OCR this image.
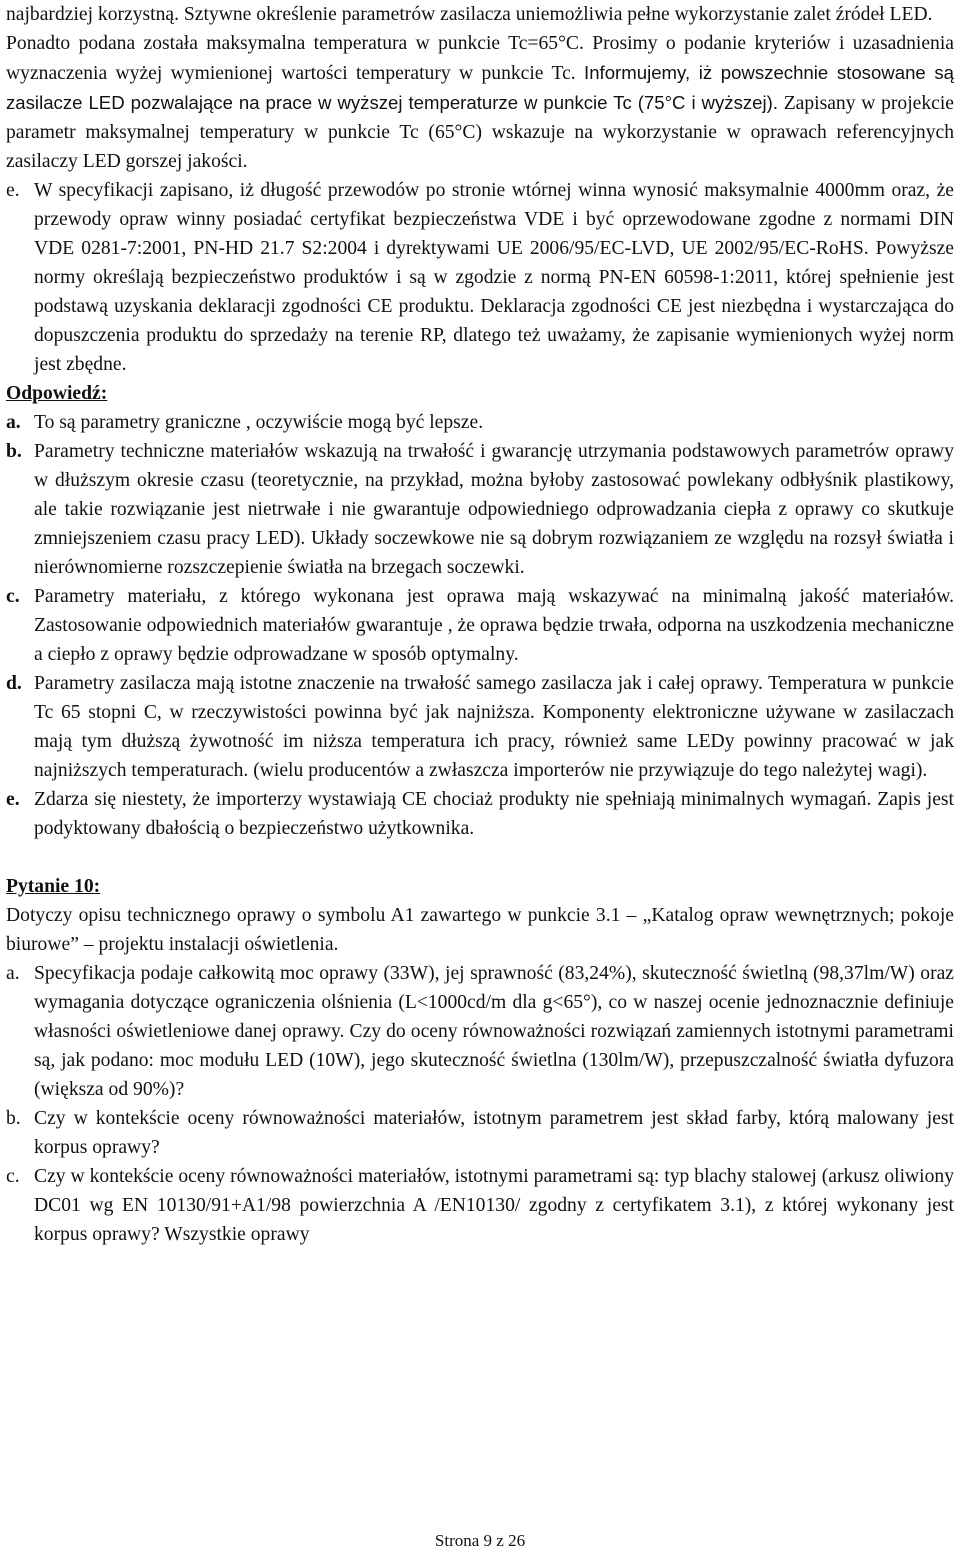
najbardziej korzystną. Sztywne określenie parametrów zasilacza uniemożliwia pełne wykorzystanie zalet źródeł LED.

Ponadto podana została maksymalna temperatura w punkcie Tc=65°C. Prosimy o podanie kryteriów i uzasadnienia wyznaczenia wyżej wymienionej wartości temperatury w punkcie Tc. Informujemy, iż powszechnie stosowane są zasilacze LED pozwalające na prace w wyższej temperaturze w punkcie Tc (75°C i wyższej). Zapisany w projekcie parametr maksymalnej temperatury w punkcie Tc (65°C) wskazuje na wykorzystanie w oprawach referencyjnych zasilaczy LED gorszej jakości.

e. W specyfikacji zapisano, iż długość przewodów po stronie wtórnej winna wynosić maksymalnie 4000mm oraz, że przewody opraw winny posiadać certyfikat bezpieczeństwa VDE i być oprzewodowane zgodne z normami DIN VDE 0281-7:2001, PN-HD 21.7 S2:2004 i dyrektywami UE 2006/95/EC-LVD, UE 2002/95/EC-RoHS. Powyższe normy określają bezpieczeństwo produktów i są w zgodzie z normą PN-EN 60598-1:2011, której spełnienie jest podstawą uzyskania deklaracji zgodności CE produktu. Deklaracja zgodności CE jest niezbędna i wystarczająca do dopuszczenia produktu do sprzedaży na terenie RP, dlatego też uważamy, że zapisanie wymienionych wyżej norm jest zbędne.
Odpowiedź:
a. To są parametry graniczne , oczywiście mogą być lepsze.
b. Parametry techniczne materiałów wskazują na trwałość i gwarancję utrzymania podstawowych parametrów oprawy w dłuższym okresie czasu (teoretycznie, na przykład, można byłoby zastosować powlekany odbłyśnik plastikowy, ale takie rozwiązanie jest nietrwałe i nie gwarantuje odpowiedniego odprowadzania ciepła z oprawy co skutkuje zmniejszeniem czasu pracy LED). Układy soczewkowe nie są dobrym rozwiązaniem ze względu na rozsył światła i nierównomierne rozszczepienie światła na brzegach soczewki.
c. Parametry materiału, z którego wykonana jest oprawa mają wskazywać na minimalną jakość materiałów. Zastosowanie odpowiednich materiałów gwarantuje , że oprawa będzie trwała, odporna na uszkodzenia mechaniczne a ciepło z oprawy będzie odprowadzane w sposób optymalny.
d. Parametry zasilacza mają istotne znaczenie na trwałość samego zasilacza jak i całej oprawy. Temperatura w punkcie Tc 65 stopni C, w rzeczywistości powinna być jak najniższa. Komponenty elektroniczne używane w zasilaczach mają tym dłuższą żywotność im niższa temperatura ich pracy, również same LEDy powinny pracować w jak najniższych temperaturach. (wielu producentów a zwłaszcza importerów nie przywiązuje do tego należytej wagi).
e. Zdarza się niestety, że importerzy wystawiają CE chociaż produkty nie spełniają minimalnych wymagań. Zapis jest podyktowany dbałością o bezpieczeństwo użytkownika.
Pytanie 10:

Dotyczy opisu technicznego oprawy o symbolu A1 zawartego w punkcie 3.1 – „Katalog opraw wewnętrznych; pokoje biurowe” – projektu instalacji oświetlenia.

a. Specyfikacja podaje całkowitą moc oprawy (33W), jej sprawność (83,24%), skuteczność świetlną (98,37lm/W) oraz wymagania dotyczące ograniczenia olśnienia (L<1000cd/m dla g<65°), co w naszej ocenie jednoznacznie definiuje własności oświetleniowe danej oprawy. Czy do oceny równoważności rozwiązań zamiennych istotnymi parametrami są, jak podano: moc modułu LED (10W), jego skuteczność świetlna (130lm/W), przepuszczalność światła dyfuzora (większa od 90%)?
b. Czy w kontekście oceny równoważności materiałów, istotnym parametrem jest skład farby, którą malowany jest korpus oprawy?
c. Czy w kontekście oceny równoważności materiałów, istotnymi parametrami są: typ blachy stalowej (arkusz oliwiony DC01 wg EN 10130/91+A1/98 powierzchnia A /EN10130/ zgodny z certyfikatem 3.1), z której wykonany jest korpus oprawy? Wszystkie oprawy
Strona 9 z 26
